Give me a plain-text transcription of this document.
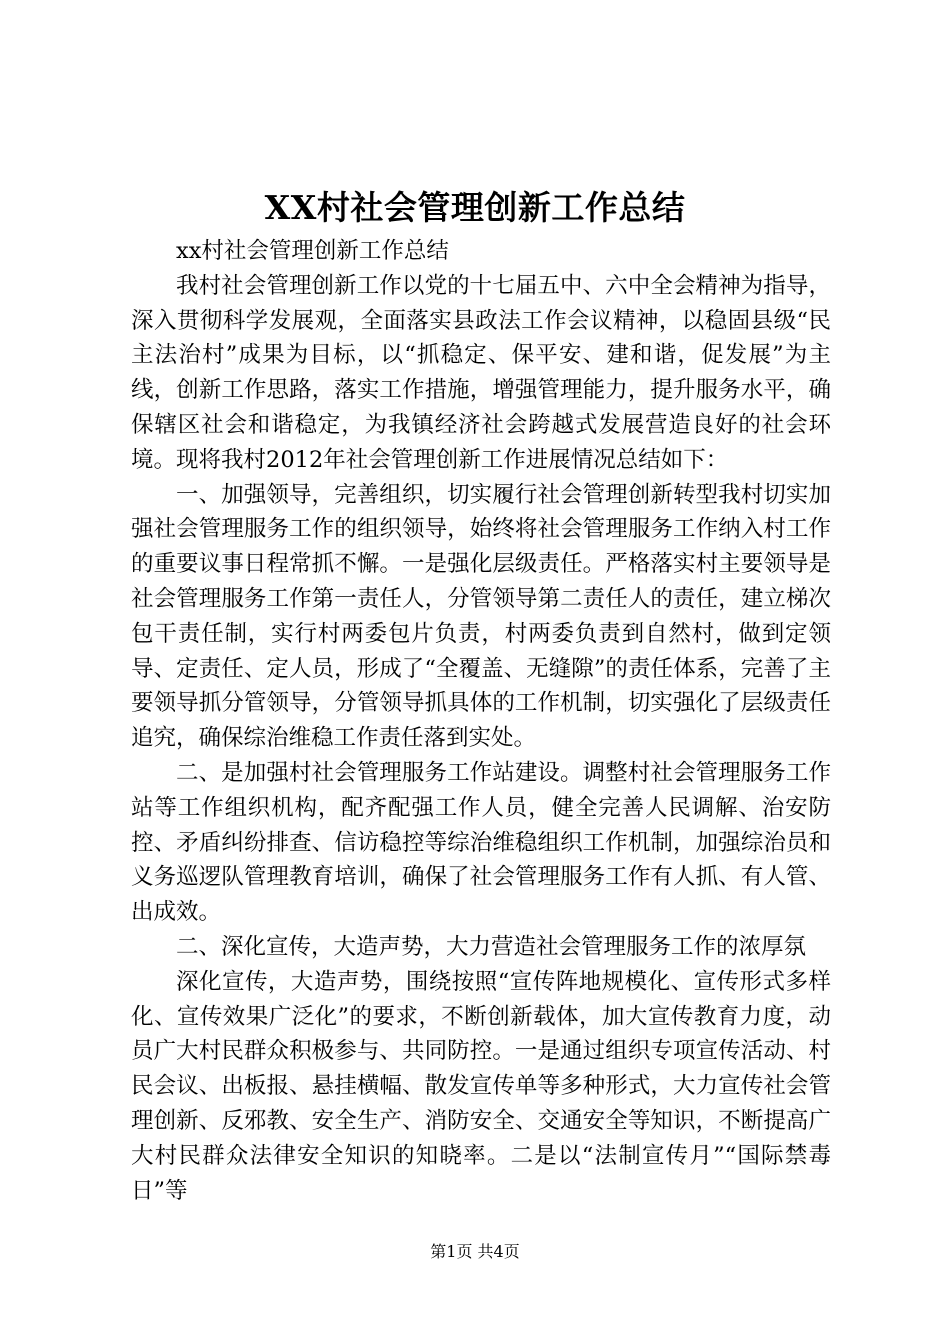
XX村社会管理创新工作总结

xx村社会管理创新工作总结

我村社会管理创新工作以党的十七届五中、六中全会精神为指导，深入贯彻科学发展观，全面落实县政法工作会议精神，以稳固县级“民主法治村”成果为目标，以“抓稳定、保平安、建和谐，促发展”为主线，创新工作思路，落实工作措施，增强管理能力，提升服务水平，确保辖区社会和谐稳定，为我镇经济社会跨越式发展营造良好的社会环境。现将我村2012年社会管理创新工作进展情况总结如下：

一、加强领导，完善组织，切实履行社会管理创新转型我村切实加强社会管理服务工作的组织领导，始终将社会管理服务工作纳入村工作的重要议事日程常抓不懈。一是强化层级责任。严格落实村主要领导是社会管理服务工作第一责任人，分管领导第二责任人的责任，建立梯次包干责任制，实行村两委包片负责，村两委负责到自然村，做到定领导、定责任、定人员，形成了“全覆盖、无缝隙”的责任体系，完善了主要领导抓分管领导，分管领导抓具体的工作机制，切实强化了层级责任追究，确保综治维稳工作责任落到实处。

二、是加强村社会管理服务工作站建设。调整村社会管理服务工作站等工作组织机构，配齐配强工作人员，健全完善人民调解、治安防控、矛盾纠纷排查、信访稳控等综治维稳组织工作机制，加强综治员和义务巡逻队管理教育培训，确保了社会管理服务工作有人抓、有人管、出成效。

二、深化宣传，大造声势，大力营造社会管理服务工作的浓厚氛

深化宣传，大造声势，围绕按照“宣传阵地规模化、宣传形式多样化、宣传效果广泛化”的要求，不断创新载体，加大宣传教育力度，动员广大村民群众积极参与、共同防控。一是通过组织专项宣传活动、村民会议、出板报、悬挂横幅、散发宣传单等多种形式，大力宣传社会管理创新、反邪教、安全生产、消防安全、交通安全等知识，不断提高广大村民群众法律安全知识的知晓率。二是以“法制宣传月”“国际禁毒日”等

第1页 共4页
